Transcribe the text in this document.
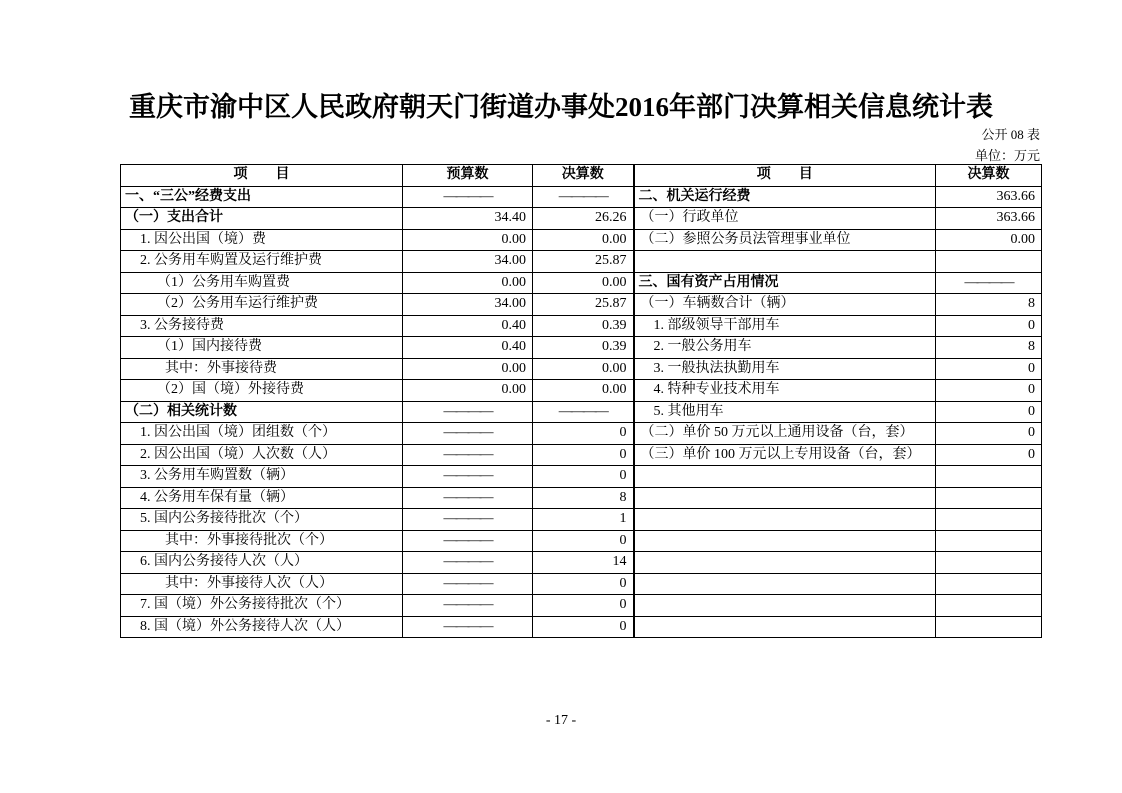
重庆市渝中区人民政府朝天门街道办事处2016年部门决算相关信息统计表
公开 08 表
单位：万元
项　　目	预算数	决算数	项　　目	决算数
一、“三公”经费支出	————	————	二、机关运行经费	363.66
（一）支出合计	34.40	26.26	（一）行政单位	363.66
1. 因公出国（境）费	0.00	0.00	（二）参照公务员法管理事业单位	0.00
2. 公务用车购置及运行维护费	34.00	25.87		
（1）公务用车购置费	0.00	0.00	三、国有资产占用情况	————
（2）公务用车运行维护费	34.00	25.87	（一）车辆数合计（辆）	8
3. 公务接待费	0.40	0.39	1. 部级领导干部用车	0
（1）国内接待费	0.40	0.39	2. 一般公务用车	8
其中：外事接待费	0.00	0.00	3. 一般执法执勤用车	0
（2）国（境）外接待费	0.00	0.00	4. 特种专业技术用车	0
（二）相关统计数	————	————	5. 其他用车	0
1. 因公出国（境）团组数（个）	————	0	（二）单价 50 万元以上通用设备（台，套）	0
2. 因公出国（境）人次数（人）	————	0	（三）单价 100 万元以上专用设备（台，套）	0
3. 公务用车购置数（辆）	————	0		
4. 公务用车保有量（辆）	————	8		
5. 国内公务接待批次（个）	————	1		
其中：外事接待批次（个）	————	0		
6. 国内公务接待人次（人）	————	14		
其中：外事接待人次（人）	————	0		
7. 国（境）外公务接待批次（个）	————	0		
8. 国（境）外公务接待人次（人）	————	0		
- 17 -
